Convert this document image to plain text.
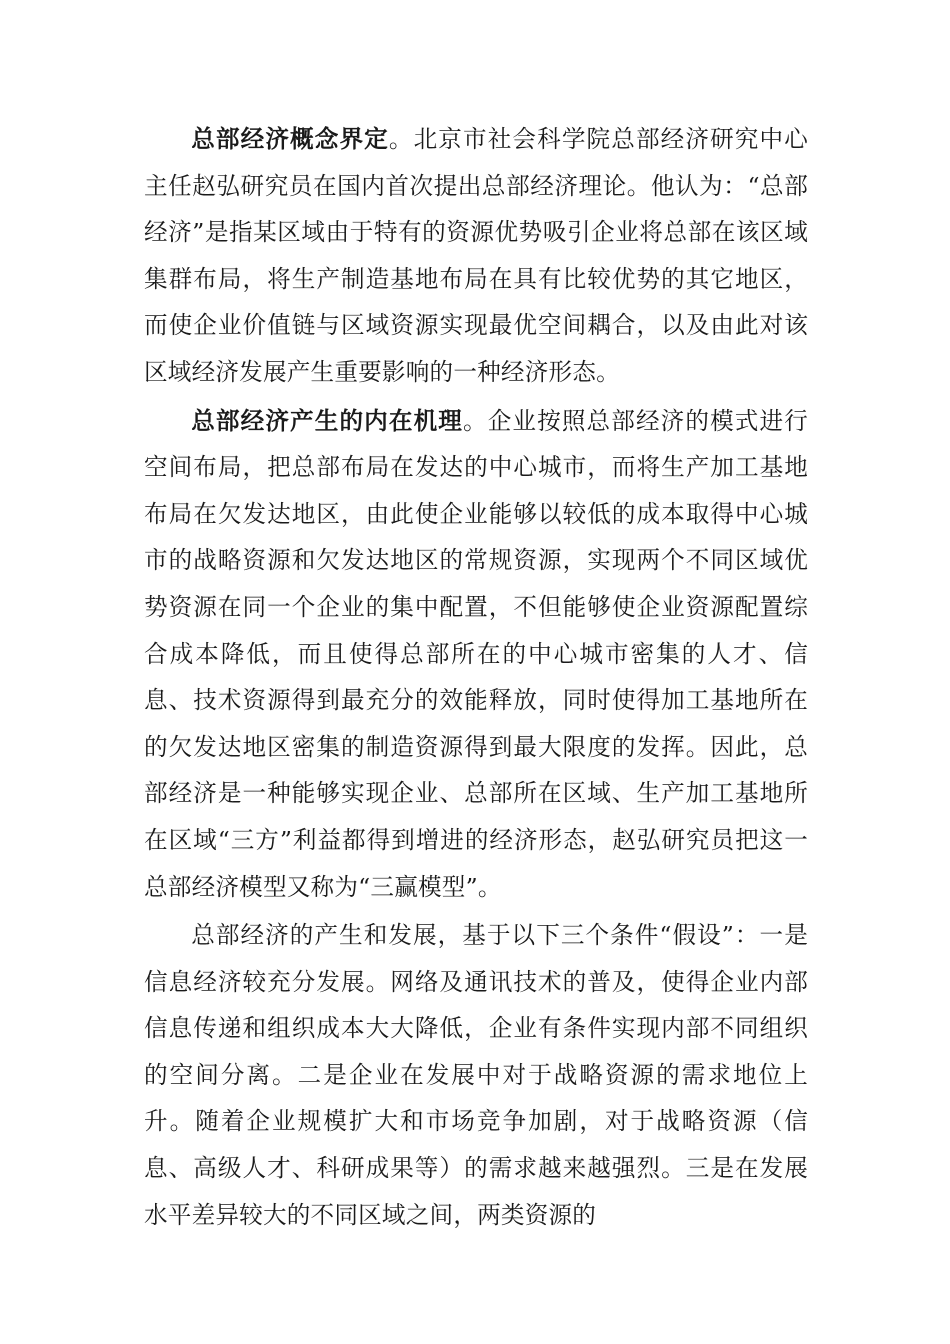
总部经济概念界定。北京市社会科学院总部经济研究中心主任赵弘研究员在国内首次提出总部经济理论。他认为：“总部经济”是指某区域由于特有的资源优势吸引企业将总部在该区域集群布局，将生产制造基地布局在具有比较优势的其它地区，而使企业价值链与区域资源实现最优空间耦合，以及由此对该区域经济发展产生重要影响的一种经济形态。

总部经济产生的内在机理。企业按照总部经济的模式进行空间布局，把总部布局在发达的中心城市，而将生产加工基地布局在欠发达地区，由此使企业能够以较低的成本取得中心城市的战略资源和欠发达地区的常规资源，实现两个不同区域优势资源在同一个企业的集中配置，不但能够使企业资源配置综合成本降低，而且使得总部所在的中心城市密集的人才、信息、技术资源得到最充分的效能释放，同时使得加工基地所在的欠发达地区密集的制造资源得到最大限度的发挥。因此，总部经济是一种能够实现企业、总部所在区域、生产加工基地所在区域“三方”利益都得到增进的经济形态，赵弘研究员把这一总部经济模型又称为“三赢模型”。

总部经济的产生和发展，基于以下三个条件“假设”：一是信息经济较充分发展。网络及通讯技术的普及，使得企业内部信息传递和组织成本大大降低，企业有条件实现内部不同组织的空间分离。二是企业在发展中对于战略资源的需求地位上升。随着企业规模扩大和市场竞争加剧，对于战略资源（信息、高级人才、科研成果等）的需求越来越强烈。三是在发展水平差异较大的不同区域之间，两类资源的
